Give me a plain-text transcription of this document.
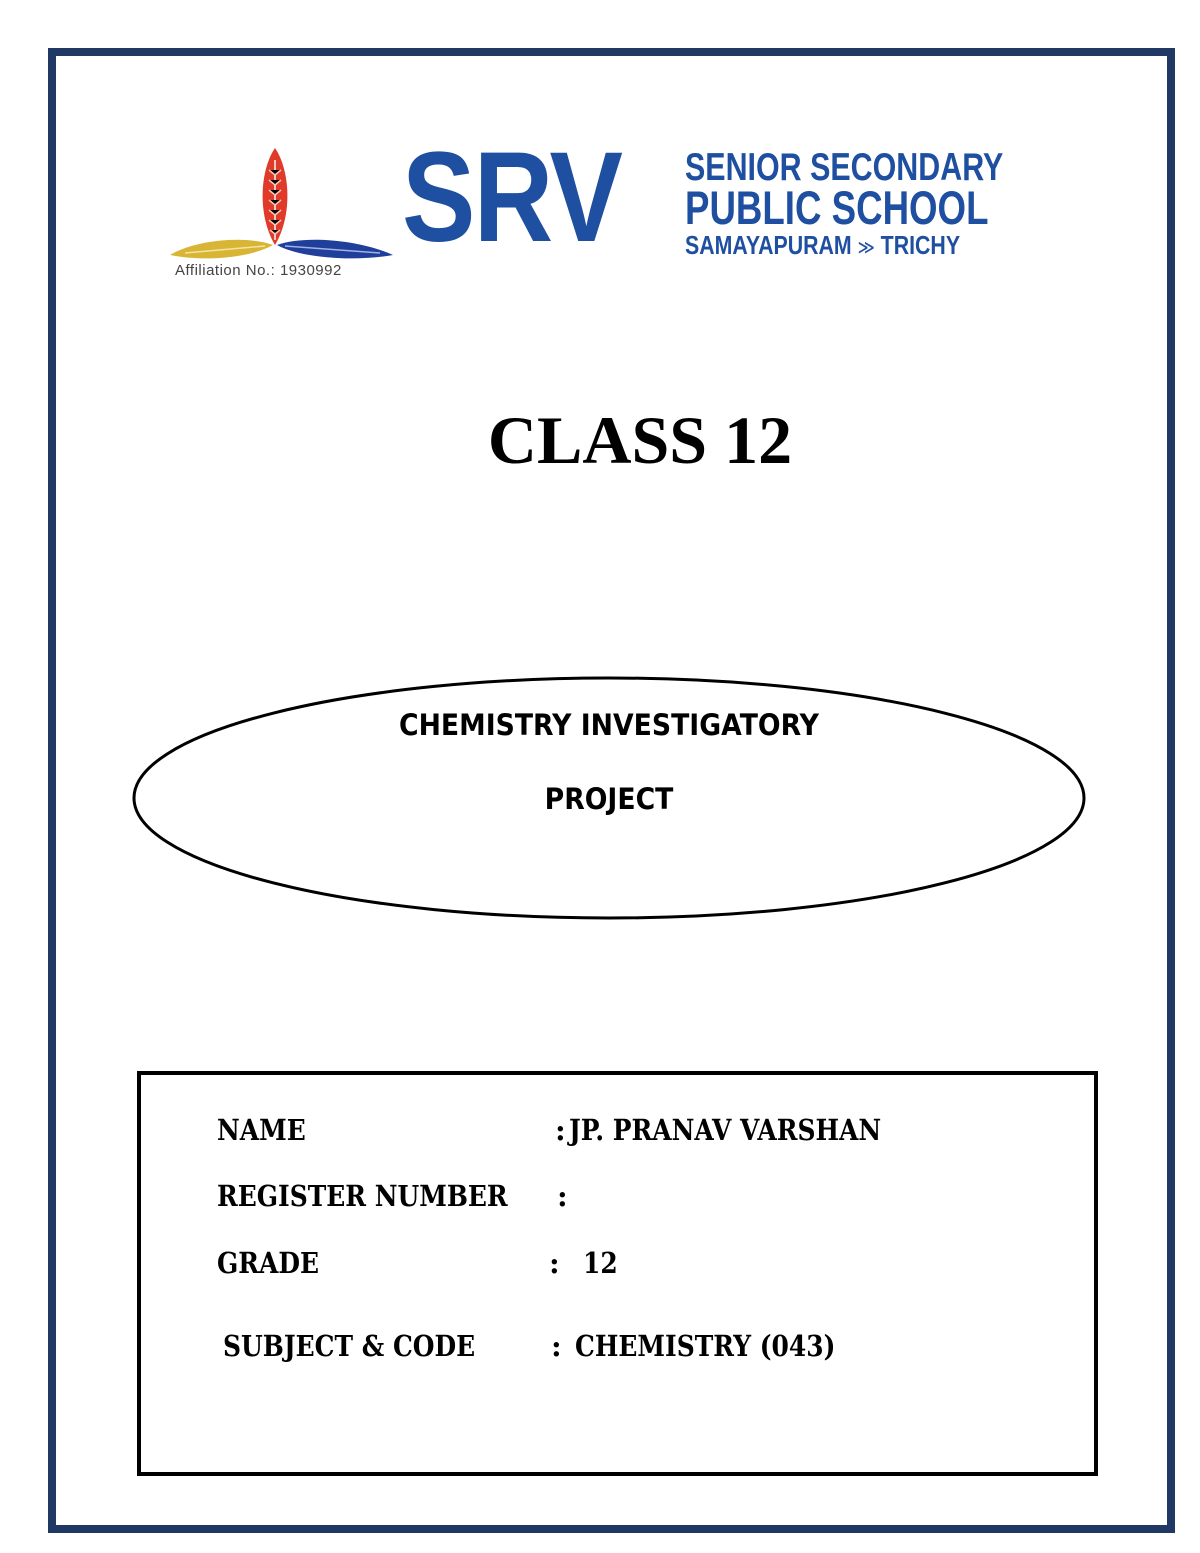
Affiliation No.: 1930992
SRV SENIOR SECONDARY
PUBLIC SCHOOL
SAMAYAPURAM ≫ TRICHY
CLASS 12
CHEMISTRY INVESTIGATORY
PROJECT
NAME	: JP. PRANAV VARSHAN
REGISTER NUMBER :
GRADE	: 12
SUBJECT & CODE	: CHEMISTRY (043)
